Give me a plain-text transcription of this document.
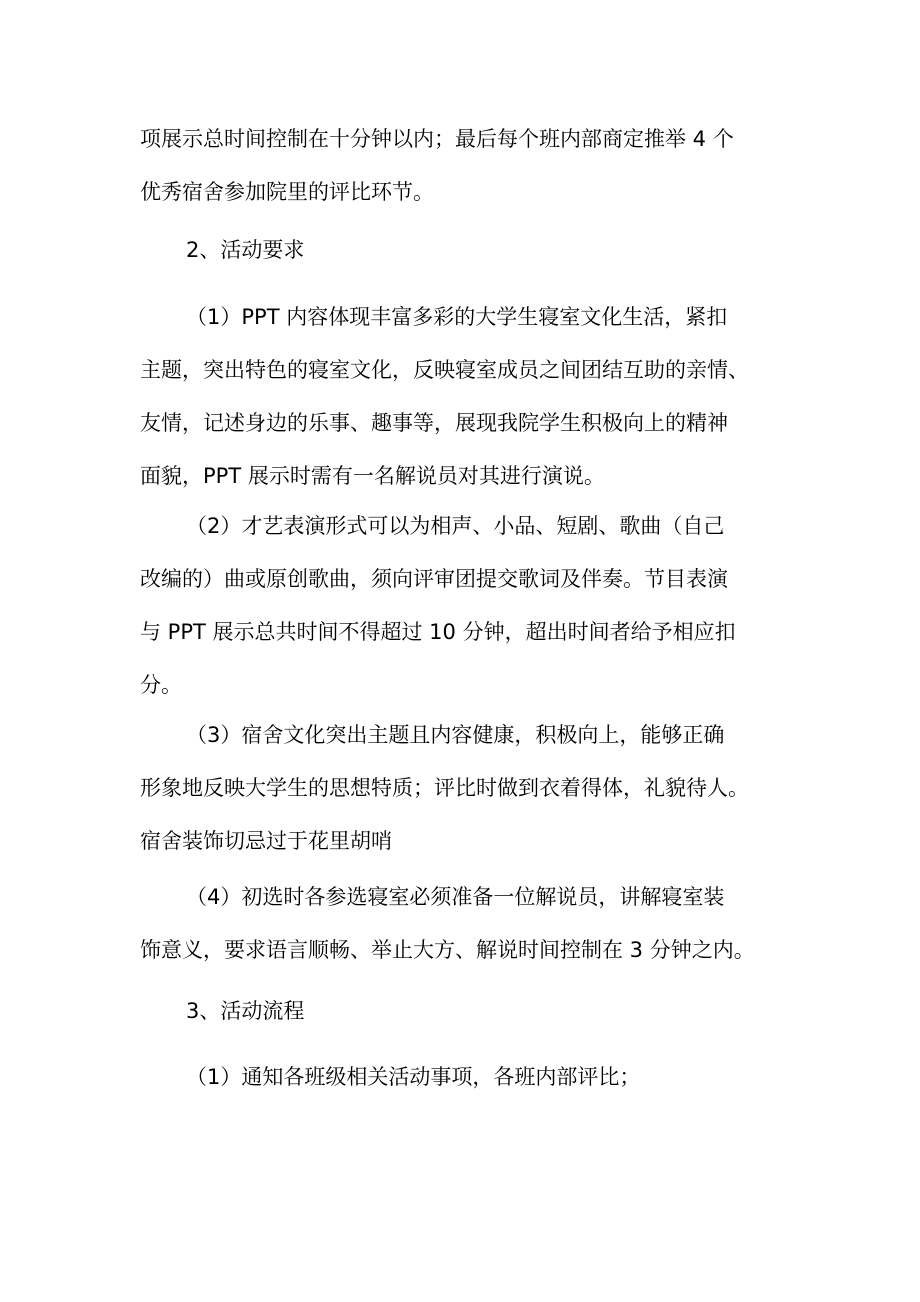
项展示总时间控制在十分钟以内；最后每个班内部商定推举 4 个
优秀宿舍参加院里的评比环节。
2、活动要求
（1）PPT 内容体现丰富多彩的大学生寝室文化生活，紧扣
主题，突出特色的寝室文化，反映寝室成员之间团结互助的亲情、
友情，记述身边的乐事、趣事等，展现我院学生积极向上的精神
面貌，PPT 展示时需有一名解说员对其进行演说。
（2）才艺表演形式可以为相声、小品、短剧、歌曲（自己
改编的）曲或原创歌曲，须向评审团提交歌词及伴奏。节目表演
与 PPT 展示总共时间不得超过 10 分钟，超出时间者给予相应扣
分。
（3）宿舍文化突出主题且内容健康，积极向上，能够正确
形象地反映大学生的思想特质；评比时做到衣着得体，礼貌待人。
宿舍装饰切忌过于花里胡哨
（4）初选时各参选寝室必须准备一位解说员，讲解寝室装
饰意义，要求语言顺畅、举止大方、解说时间控制在 3 分钟之内。
3、活动流程
（1）通知各班级相关活动事项，各班内部评比；
